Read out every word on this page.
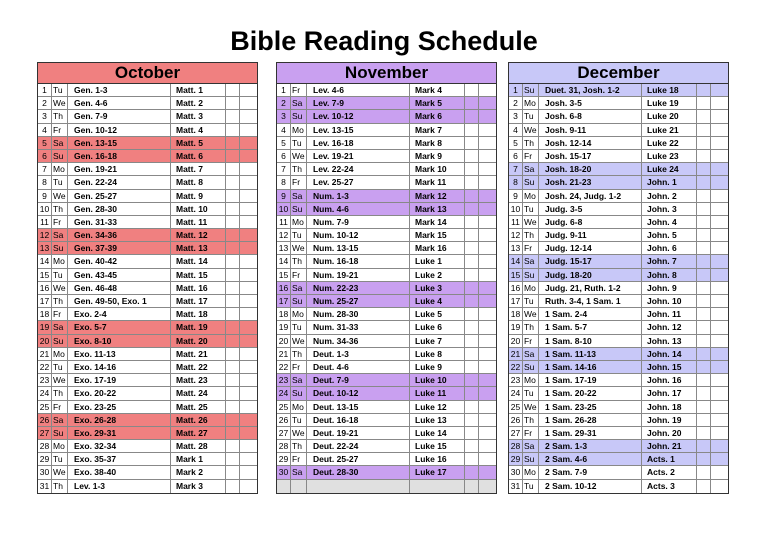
Bible Reading Schedule
October
1 Tu	Gen. 1-3	Matt. 1
2 We Gen. 4-6	Matt. 2
3 Th	Gen. 7-9	Matt. 3
4 Fr	Gen. 10-12	Matt. 4
5 Sa	Gen. 13-15	Matt. 5
6 Su	Gen. 16-18	Matt. 6
7 Mo	Gen. 19-21	Matt. 7
8 Tu	Gen. 22-24	Matt. 8
9 We Gen. 25-27	Matt. 9
10 Th	Gen. 28-30	Matt. 10
11 Fr	Gen. 31-33	Matt. 11
12 Sa	Gen. 34-36	Matt. 12
13 Su	Gen. 37-39	Matt. 13
14 Mo	Gen. 40-42	Matt. 14
15 Tu	Gen. 43-45	Matt. 15
16 We Gen. 46-48	Matt. 16
17 Th	Gen. 49-50, Exo. 1	Matt. 17
18 Fr	Exo. 2-4	Matt. 18
19 Sa	Exo. 5-7	Matt. 19
20 Su	Exo. 8-10	Matt. 20
21 Mo	Exo. 11-13	Matt. 21
22 Tu	Exo. 14-16	Matt. 22
23 We Exo. 17-19	Matt. 23
24 Th	Exo. 20-22	Matt. 24
25 Fr	Exo. 23-25	Matt. 25
26 Sa	Exo. 26-28	Matt. 26
27 Su	Exo. 29-31	Matt. 27
28 Mo	Exo. 32-34	Matt. 28
29 Tu	Exo. 35-37	Mark 1
30 We Exo. 38-40	Mark 2
31 Th	Lev. 1-3	Mark 3
November
1 Fr	Lev. 4-6	Mark 4
2 Sa	Lev. 7-9	Mark 5
3 Su	Lev. 10-12	Mark 6
4 Mo	Lev. 13-15	Mark 7
5 Tu	Lev. 16-18	Mark 8
6 We Lev. 19-21	Mark 9
7 Th	Lev. 22-24	Mark 10
8 Fr	Lev. 25-27	Mark 11
9 Sa	Num. 1-3	Mark 12
10 Su	Num. 4-6	Mark 13
11 Mo	Num. 7-9	Mark 14
12 Tu	Num. 10-12	Mark 15
13 We Num. 13-15	Mark 16
14 Th	Num. 16-18	Luke 1
15 Fr	Num. 19-21	Luke 2
16 Sa	Num. 22-23	Luke 3
17 Su	Num. 25-27	Luke 4
18 Mo	Num. 28-30	Luke 5
19 Tu	Num. 31-33	Luke 6
20 We Num. 34-36	Luke 7
21 Th	Deut. 1-3	Luke 8
22 Fr	Deut. 4-6	Luke 9
23 Sa	Deut. 7-9	Luke 10
24 Su	Deut. 10-12	Luke 11
25 Mo	Deut. 13-15	Luke 12
26 Tu	Deut. 16-18	Luke 13
27 We Deut. 19-21	Luke 14
28 Th	Deut. 22-24	Luke 15
29 Fr	Deut. 25-27	Luke 16
30 Sa	Deut. 28-30	Luke 17
December
1 Su	Duet. 31, Josh. 1-2	Luke 18
2 Mo	Josh. 3-5	Luke 19
3 Tu	Josh. 6-8	Luke 20
4 We Josh. 9-11	Luke 21
5 Th	Josh. 12-14	Luke 22
6 Fr	Josh. 15-17	Luke 23
7 Sa	Josh. 18-20	Luke 24
8 Su	Josh. 21-23	John. 1
9 Mo	Josh. 24, Judg. 1-2	John. 2
10 Tu	Judg. 3-5	John. 3
11 We Judg. 6-8	John. 4
12 Th	Judg. 9-11	John. 5
13 Fr	Judg. 12-14	John. 6
14 Sa	Judg. 15-17	John. 7
15 Su	Judg. 18-20	John. 8
16 Mo	Judg. 21, Ruth. 1-2	John. 9
17 Tu	Ruth. 3-4, 1 Sam. 1	John. 10
18 We 1 Sam. 2-4	John. 11
19 Th	1 Sam. 5-7	John. 12
20 Fr	1 Sam. 8-10	John. 13
21 Sa	1 Sam. 11-13	John. 14
22 Su	1 Sam. 14-16	John. 15
23 Mo	1 Sam. 17-19	John. 16
24 Tu	1 Sam. 20-22	John. 17
25 We 1 Sam. 23-25	John. 18
26 Th	1 Sam. 26-28	John. 19
27 Fr	1 Sam. 29-31	John. 20
28 Sa	2 Sam. 1-3	John. 21
29 Su	2 Sam. 4-6	Acts. 1
30 Mo	2 Sam. 7-9	Acts. 2
31 Tu	2 Sam. 10-12	Acts. 3
